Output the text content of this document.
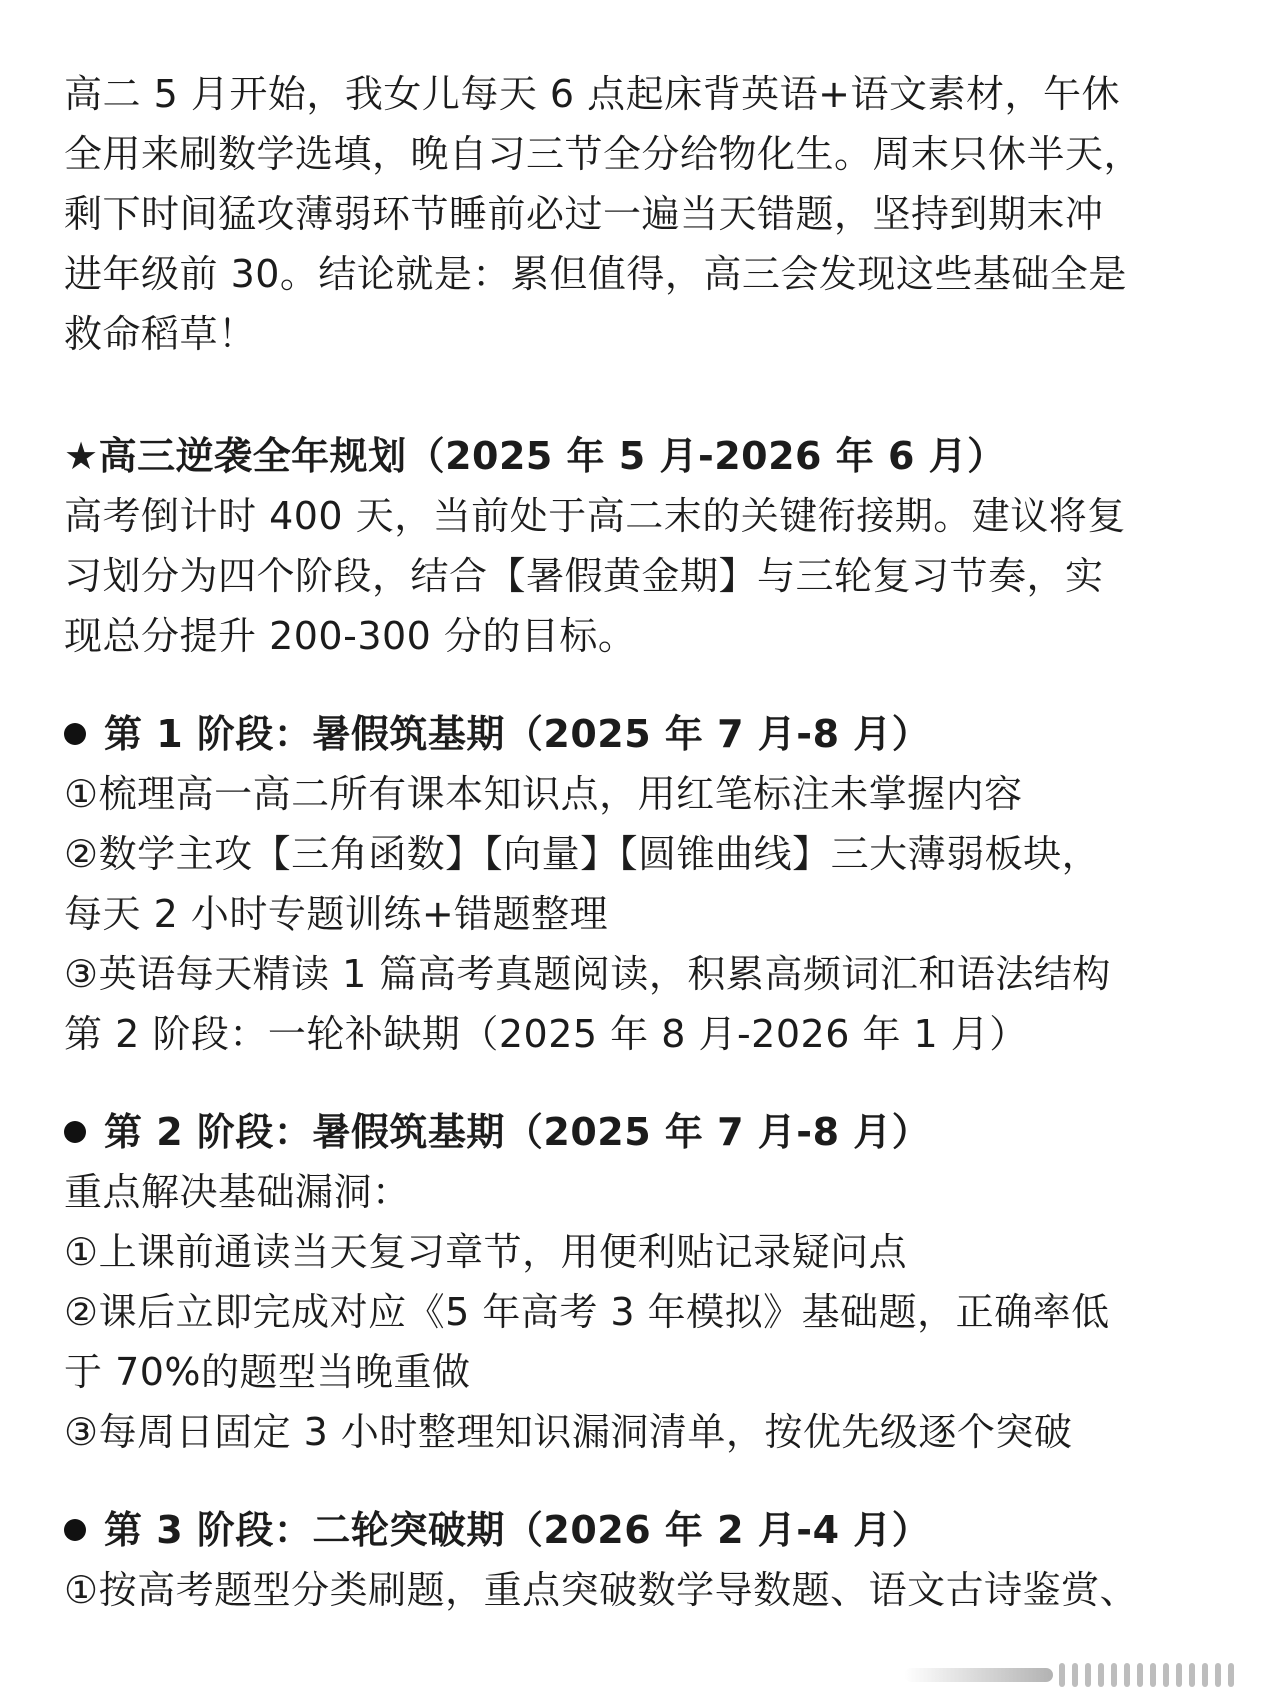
高二 5 月开始，我女儿每天 6 点起床背英语+语文素材，午休
全用来刷数学选填，晚自习三节全分给物化生。周末只休半天，
剩下时间猛攻薄弱环节睡前必过一遍当天错题，坚持到期末冲
进年级前 30。结论就是：累但值得，高三会发现这些基础全是
救命稻草！
★高三逆袭全年规划（2025 年 5 月-2026 年 6 月）
高考倒计时 400 天，当前处于高二末的关键衔接期。建议将复
习划分为四个阶段，结合【暑假黄金期】与三轮复习节奏，实
现总分提升 200-300 分的目标。
第 1 阶段：暑假筑基期（2025 年 7 月-8 月）
①梳理高一高二所有课本知识点，用红笔标注未掌握内容
②数学主攻【三角函数】【向量】【圆锥曲线】三大薄弱板块，
每天 2 小时专题训练+错题整理
③英语每天精读 1 篇高考真题阅读，积累高频词汇和语法结构
第 2 阶段：一轮补缺期（2025 年 8 月-2026 年 1 月）
第 2 阶段：暑假筑基期（2025 年 7 月-8 月）
重点解决基础漏洞：
①上课前通读当天复习章节，用便利贴记录疑问点
②课后立即完成对应《5 年高考 3 年模拟》基础题，正确率低
于 70%的题型当晚重做
③每周日固定 3 小时整理知识漏洞清单，按优先级逐个突破
第 3 阶段：二轮突破期（2026 年 2 月-4 月）
①按高考题型分类刷题，重点突破数学导数题、语文古诗鉴赏、
